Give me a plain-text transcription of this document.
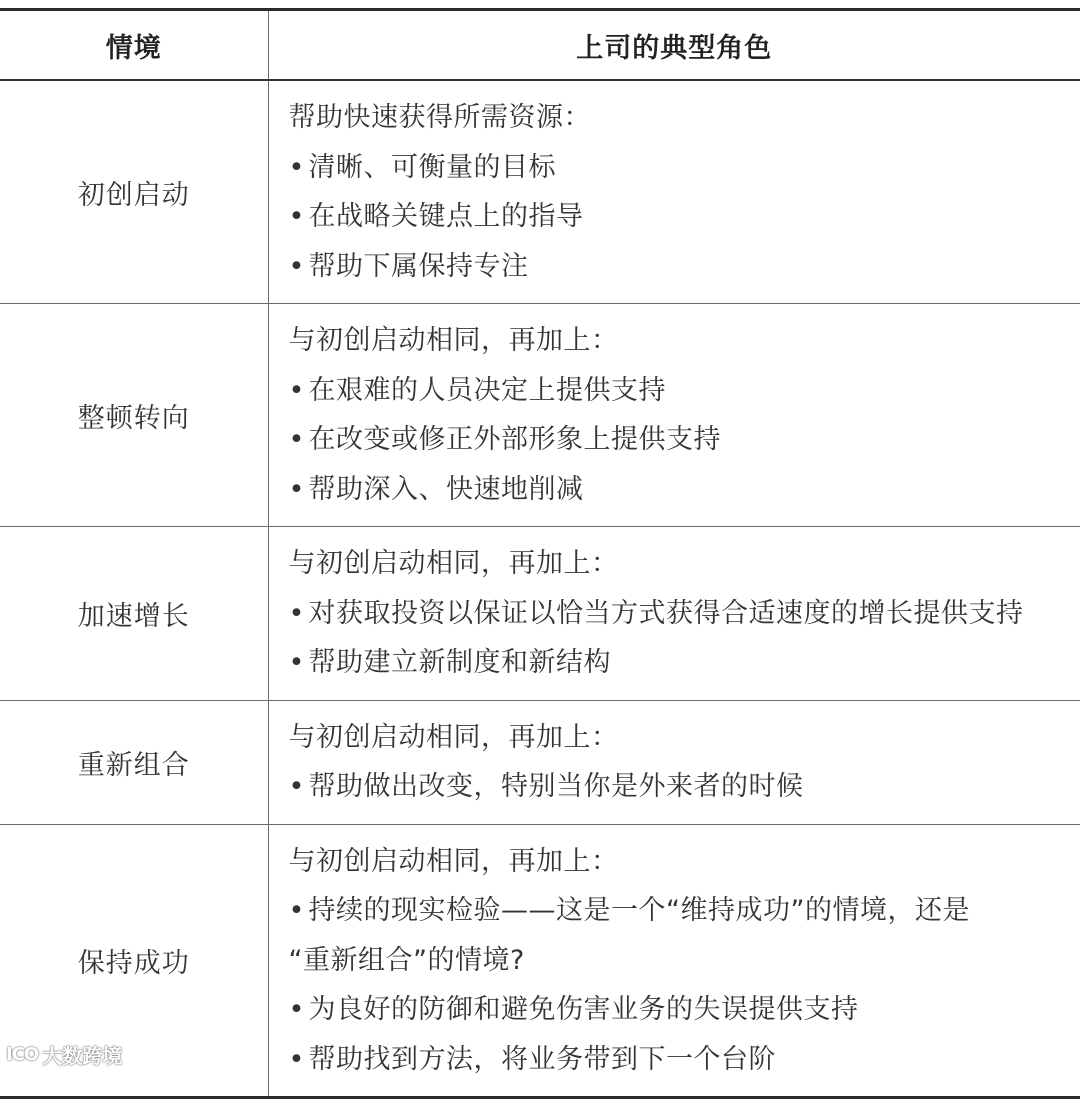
情境	上司的典型角色
初创启动	帮助快速获得所需资源：
• 清晰、可衡量的目标
• 在战略关键点上的指导
• 帮助下属保持专注

整顿转向	与初创启动相同，再加上：
• 在艰难的人员决定上提供支持
• 在改变或修正外部形象上提供支持
• 帮助深入、快速地削减

加速增长	与初创启动相同，再加上：
• 对获取投资以保证以恰当方式获得合适速度的增长提供支持
• 帮助建立新制度和新结构

重新组合	与初创启动相同，再加上：
• 帮助做出改变，特别当你是外来者的时候

保持成功	与初创启动相同，再加上：
• 持续的现实检验——这是一个“维持成功”的情境，还是
“重新组合”的情境?
• 为良好的防御和避免伤害业务的失误提供支持
• 帮助找到方法，将业务带到下一个台阶
ICO 大数跨境
